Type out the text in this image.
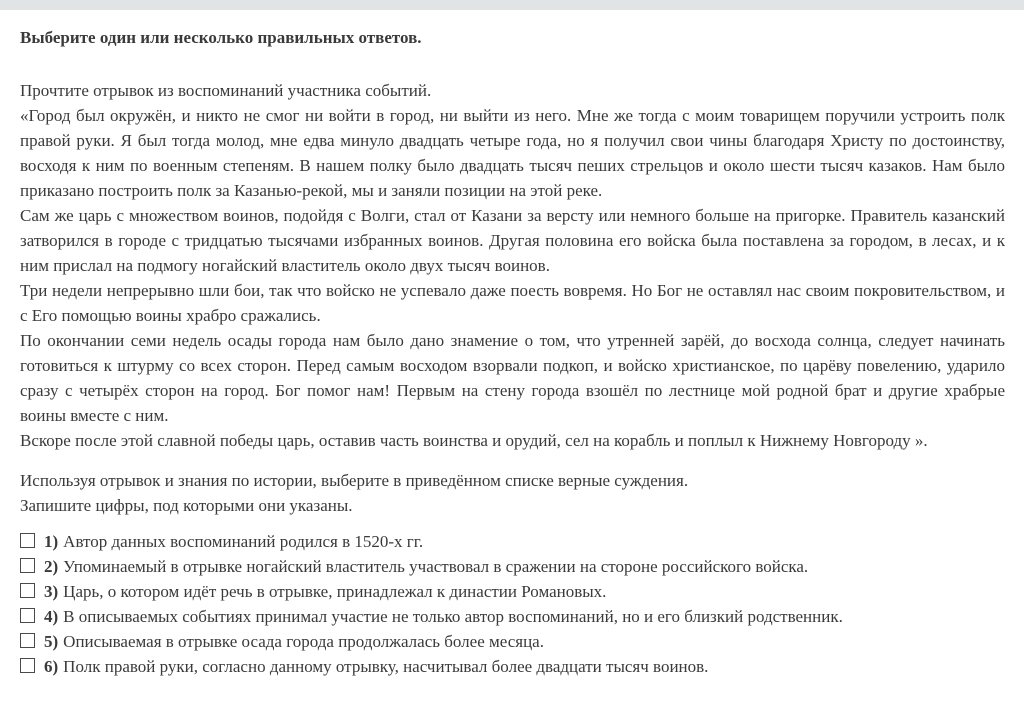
Выберите один или несколько правильных ответов.

Прочтите отрывок из воспоминаний участника событий.

«Город был окружён, и никто не смог ни войти в город, ни выйти из него. Мне же тогда с моим товарищем поручили устроить полк правой руки. Я был тогда молод, мне едва минуло двадцать четыре года, но я получил свои чины благодаря Христу по достоинству, восходя к ним по военным степеням. В нашем полку было двадцать тысяч пеших стрельцов и около шести тысяч казаков. Нам было приказано построить полк за Казанью-рекой, мы и заняли позиции на этой реке.

Сам же царь с множеством воинов, подойдя с Волги, стал от Казани за версту или немного больше на пригорке. Правитель казанский затворился в городе с тридцатью тысячами избранных воинов. Другая половина его войска была поставлена за городом, в лесах, и к ним прислал на подмогу ногайский властитель около двух тысяч воинов.

Три недели непрерывно шли бои, так что войско не успевало даже поесть вовремя. Но Бог не оставлял нас своим покровительством, и с Его помощью воины храбро сражались.

По окончании семи недель осады города нам было дано знамение о том, что утренней зарёй, до восхода солнца, следует начинать готовиться к штурму со всех сторон. Перед самым восходом взорвали подкоп, и войско христианское, по царёву повелению, ударило сразу с четырёх сторон на город. Бог помог нам! Первым на стену города взошёл по лестнице мой родной брат и другие храбрые воины вместе с ним.

Вскоре после этой славной победы царь, оставив часть воинства и орудий, сел на корабль и поплыл к Нижнему Новгороду ».

Используя отрывок и знания по истории, выберите в приведённом списке верные суждения.

Запишите цифры, под которыми они указаны.

1) Автор данных воспоминаний родился в 1520-х гг.
2) Упоминаемый в отрывке ногайский властитель участвовал в сражении на стороне российского войска.
3) Царь, о котором идёт речь в отрывке, принадлежал к династии Романовых.
4) В описываемых событиях принимал участие не только автор воспоминаний, но и его близкий родственник.
5) Описываемая в отрывке осада города продолжалась более месяца.
6) Полк правой руки, согласно данному отрывку, насчитывал более двадцати тысяч воинов.
